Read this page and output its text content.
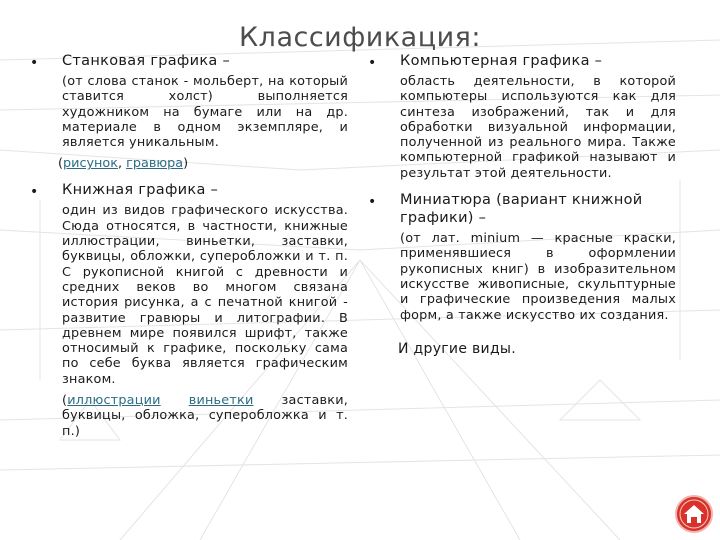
Классификация:
• Станковая графика –

(от слова станок - мольберт, на который ставится холст) выполняется художником на бумаге или на др. материале в одном экземпляре, и является уникальным.

(рисунок, гравюра)
• Книжная графика –

один из видов графического искусства. Сюда относятся, в частности, книжные иллюстрации, виньетки, заставки, буквицы, обложки, суперобложки и т. п. С рукописной книгой с древности и средних веков во многом связана история рисунка, а с печатной книгой - развитие гравюры и литографии. В древнем мире появился шрифт, также относимый к графике, поскольку сама по себе буква является графическим знаком.

(иллюстрации виньетки заставки, буквицы, обложка, суперобложка и т. п.)

• Компьютерная графика –

область деятельности, в которой компьютеры используются как для синтеза изображений, так и для обработки визуальной информации, полученной из реального мира. Также компьютерной графикой называют и результат этой деятельности.

• Миниатюра (вариант книжной графики) –

(от лат. minium — красные краски, применявшиеся в оформлении рукописных книг) в изобразительном искусстве живописные, скульптурные и графические произведения малых форм, а также искусство их создания.

И другие виды.
